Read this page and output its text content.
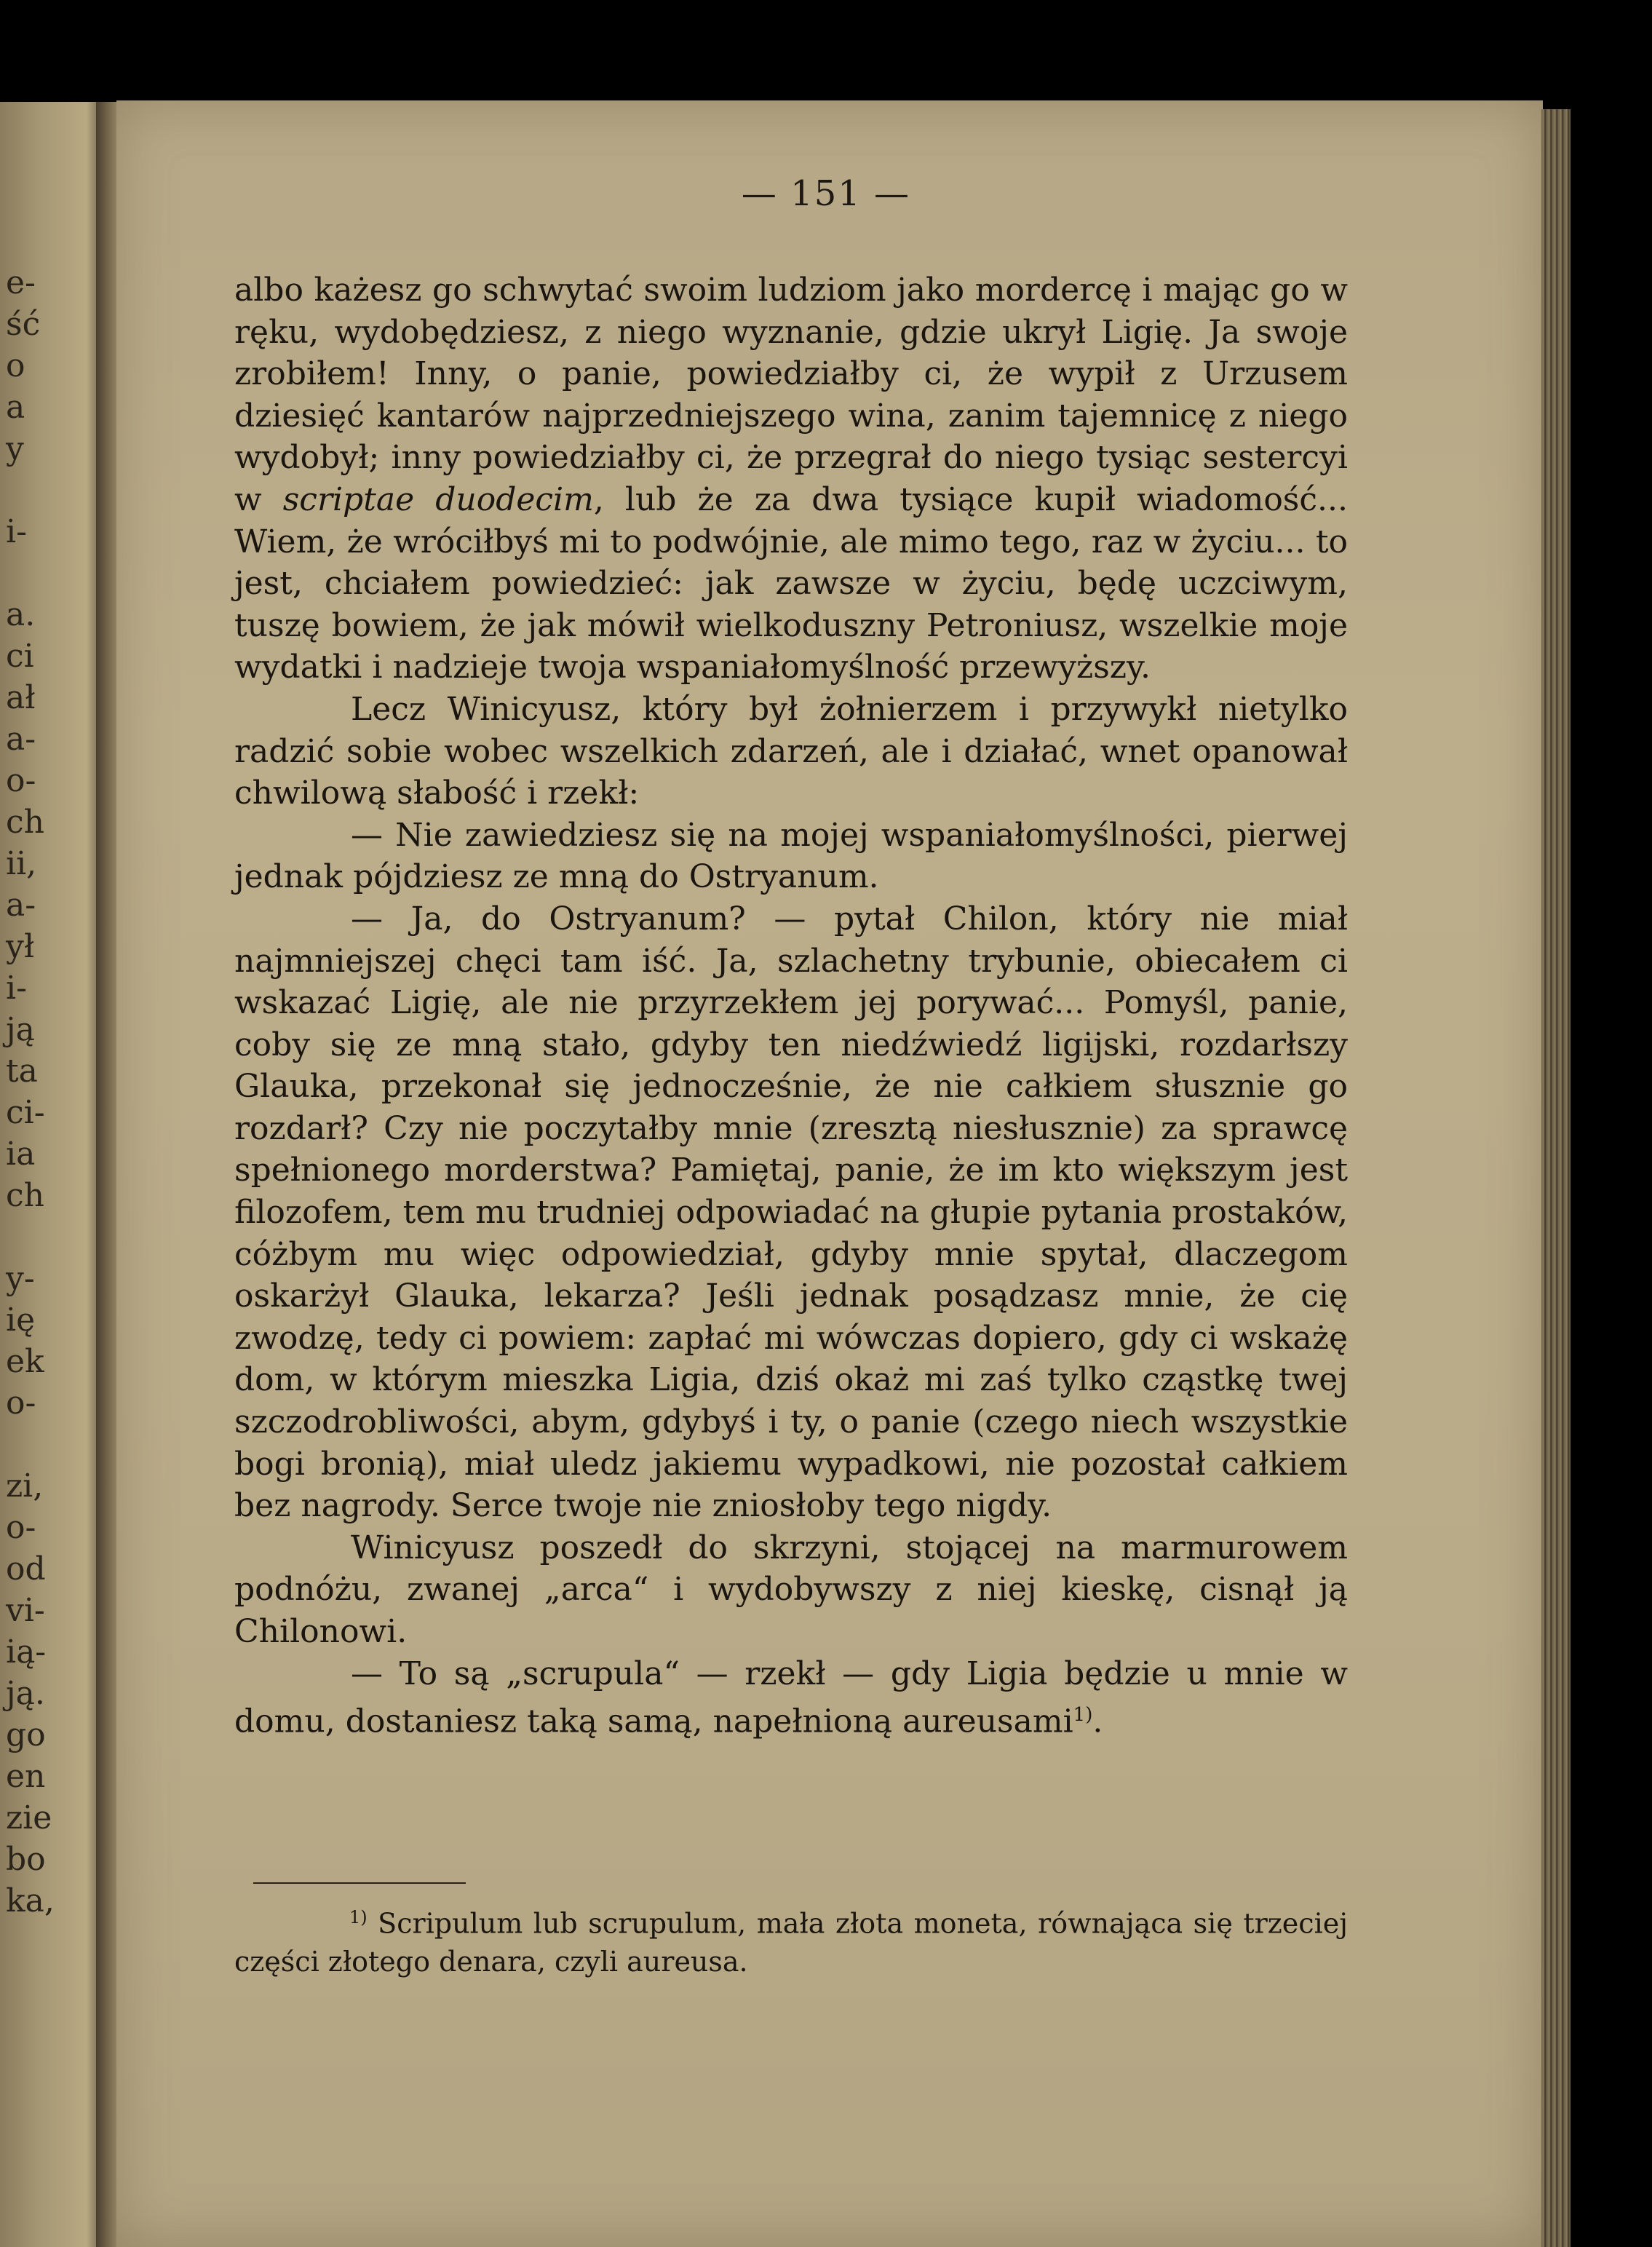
e-
ść
o
a
y
i-
a.
ci
ał
a-
o-
ch
ii,
a-
ył
i-
ją
ta
ci-
ia
ch
y-
ię
ek
o-
zi,
o-
od
vi-
ią-
ją.
go
en
zie
bo
ka,
— 151 —

albo każesz go schwytać swoim ludziom jako mordercę i mając go w ręku, wydobędziesz, z niego wyznanie, gdzie ukrył Ligię. Ja swoje zrobiłem! Inny, o panie, powiedziałby ci, że wypił z Urzusem dziesięć kantarów najprzedniejszego wina, zanim tajemnicę z niego wydobył; inny powiedziałby ci, że przegrał do niego tysiąc sestercyi w scriptae duodecim, lub że za dwa tysiące kupił wiadomość... Wiem, że wróciłbyś mi to podwójnie, ale mimo tego, raz w życiu... to jest, chciałem powiedzieć: jak zawsze w życiu, będę uczciwym, tuszę bowiem, że jak mówił wielkoduszny Petroniusz, wszelkie moje wydatki i nadzieje twoja wspaniałomyślność przewyższy.

Lecz Winicyusz, który był żołnierzem i przywykł nietylko radzić sobie wobec wszelkich zdarzeń, ale i działać, wnet opanował chwilową słabość i rzekł:

— Nie zawiedziesz się na mojej wspaniałomyślności, pierwej jednak pójdziesz ze mną do Ostryanum.

— Ja, do Ostryanum? — pytał Chilon, który nie miał najmniejszej chęci tam iść. Ja, szlachetny trybunie, obiecałem ci wskazać Ligię, ale nie przyrzekłem jej porywać... Pomyśl, panie, coby się ze mną stało, gdyby ten niedźwiedź ligijski, rozdarłszy Glauka, przekonał się jednocześnie, że nie całkiem słusznie go rozdarł? Czy nie poczytałby mnie (zresztą niesłusznie) za sprawcę spełnionego morderstwa? Pamiętaj, panie, że im kto większym jest filozofem, tem mu trudniej odpowiadać na głupie pytania prostaków, cóżbym mu więc odpowiedział, gdyby mnie spytał, dlaczegom oskarżył Glauka, lekarza? Jeśli jednak posądzasz mnie, że cię zwodzę, tedy ci powiem: zapłać mi wówczas dopiero, gdy ci wskażę dom, w którym mieszka Ligia, dziś okaż mi zaś tylko cząstkę twej szczodrobliwości, abym, gdybyś i ty, o panie (czego niech wszystkie bogi bronią), miał uledz jakiemu wypadkowi, nie pozostał całkiem bez nagrody. Serce twoje nie zniosłoby tego nigdy.

Winicyusz poszedł do skrzyni, stojącej na marmurowem podnóżu, zwanej „arca“ i wydobywszy z niej kieskę, cisnął ją Chilonowi.

— To są „scrupula“ — rzekł — gdy Ligia będzie u mnie w domu, dostaniesz taką samą, napełnioną aureusami$^{1)}$.

$^{1)}$ Scripulum lub scrupulum, mała złota moneta, równająca się trzeciej części złotego denara, czyli aureusa.
